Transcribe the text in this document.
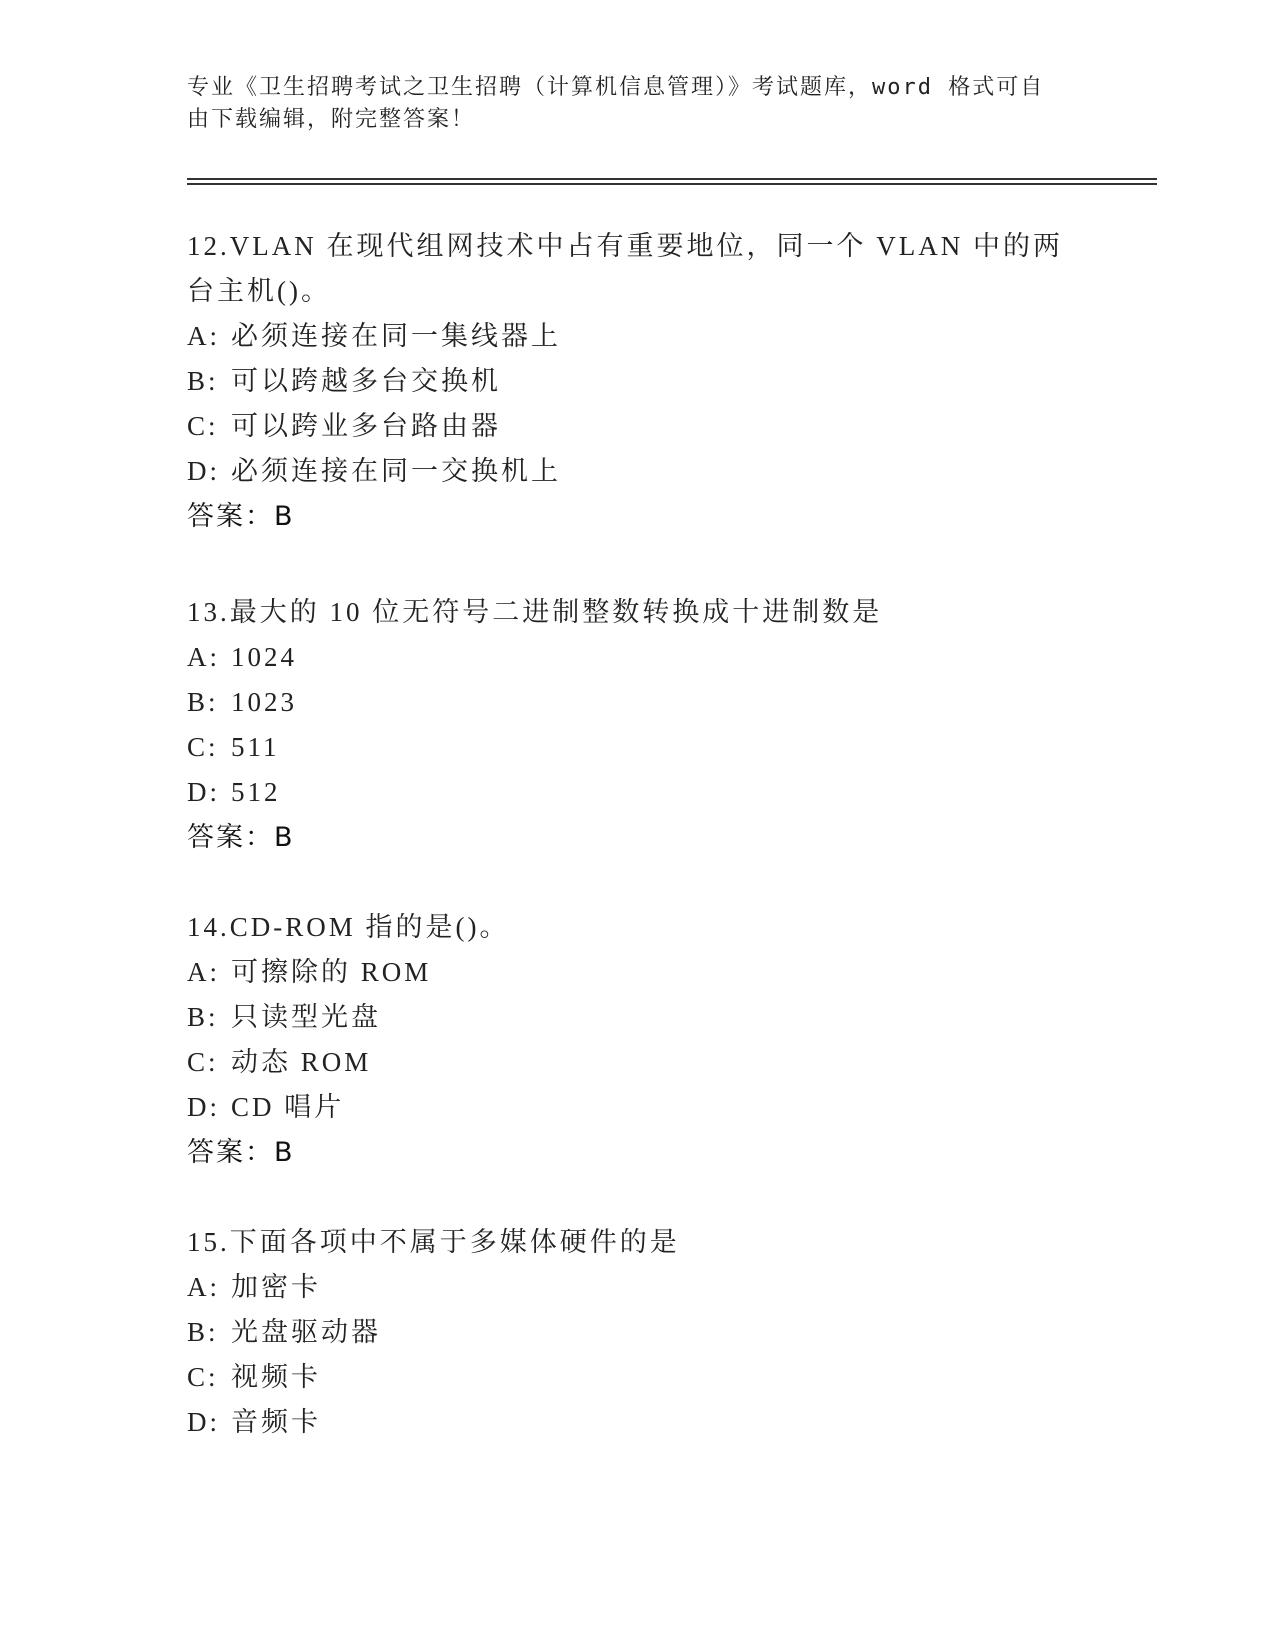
专业《卫生招聘考试之卫生招聘（计算机信息管理）》考试题库，word 格式可自由下载编辑，附完整答案！

12.VLAN 在现代组网技术中占有重要地位，同一个 VLAN 中的两台主机()。

A: 必须连接在同一集线器上

B: 可以跨越多台交换机

C: 可以跨业多台路由器

D: 必须连接在同一交换机上

答案：B

13.最大的 10 位无符号二进制整数转换成十进制数是

A: 1024

B: 1023

C: 511

D: 512

答案：B

14.CD-ROM 指的是()。

A: 可擦除的 ROM

B: 只读型光盘

C: 动态 ROM

D: CD 唱片

答案：B

15.下面各项中不属于多媒体硬件的是

A: 加密卡

B: 光盘驱动器

C: 视频卡

D: 音频卡
